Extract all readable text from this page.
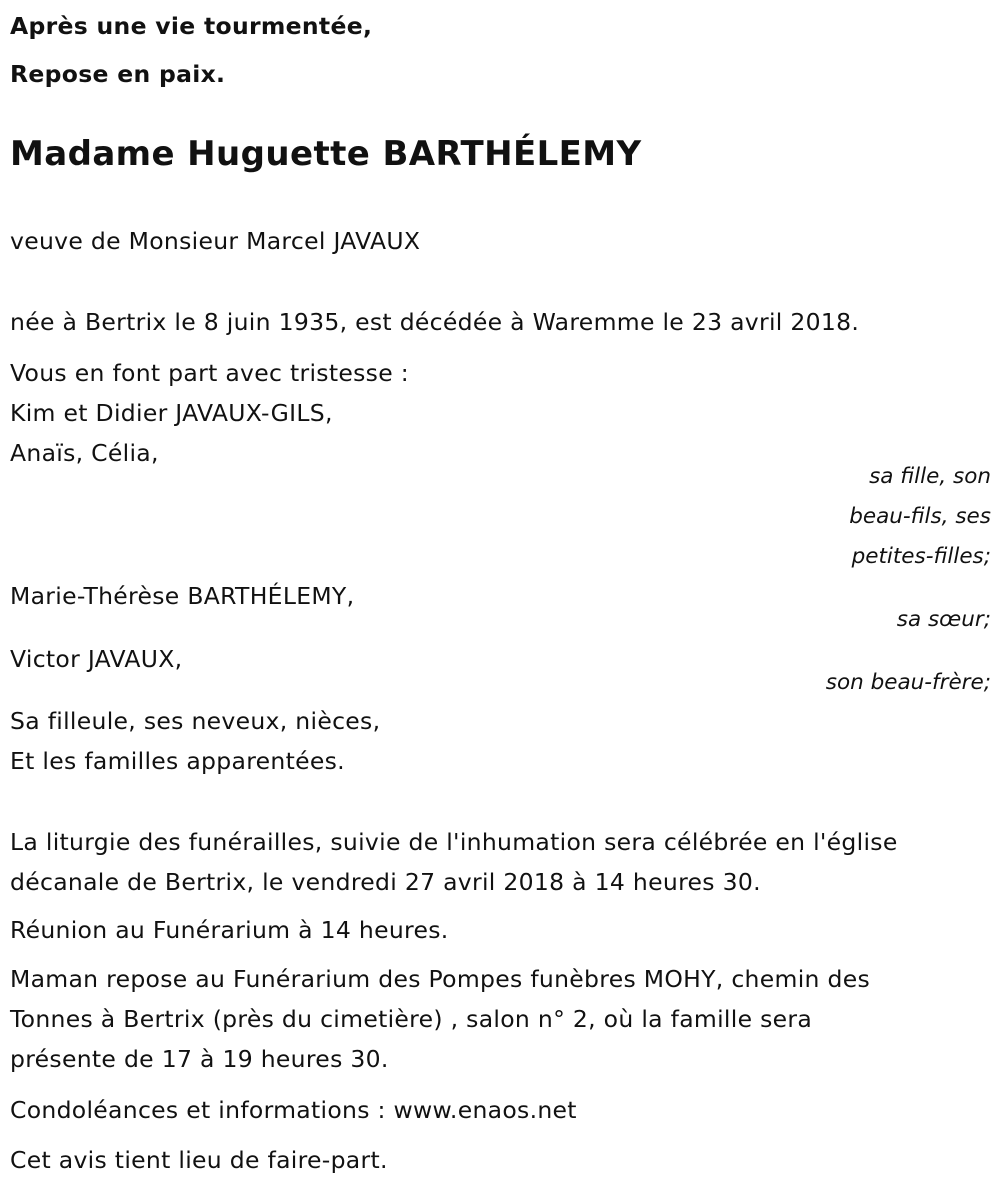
Après une vie tourmentée,
Repose en paix.
Madame Huguette BARTHÉLEMY
veuve de Monsieur Marcel JAVAUX
née à Bertrix le 8 juin 1935, est décédée à Waremme le 23 avril 2018.
Vous en font part avec tristesse :
Kim et Didier JAVAUX-GILS,
Anaïs, Célia,
sa fille, son
beau-fils, ses
petites-filles;
Marie-Thérèse BARTHÉLEMY,
sa sœur;
Victor JAVAUX,
son beau-frère;
Sa filleule, ses neveux, nièces,
Et les familles apparentées.
La liturgie des funérailles, suivie de l'inhumation sera célébrée en l'église
décanale de Bertrix, le vendredi 27 avril 2018 à 14 heures 30.
Réunion au Funérarium à 14 heures.
Maman repose au Funérarium des Pompes funèbres MOHY, chemin des
Tonnes à Bertrix (près du cimetière) , salon n° 2, où la famille sera
présente de 17 à 19 heures 30.
Condoléances et informations : www.enaos.net
Cet avis tient lieu de faire-part.
